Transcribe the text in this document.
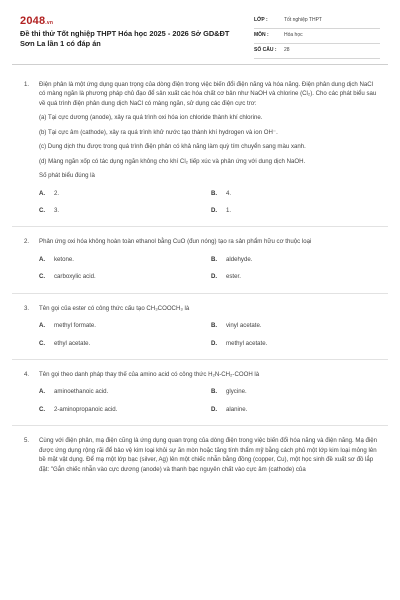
2048.vn
Đề thi thử Tốt nghiệp THPT Hóa học 2025 - 2026 Sở GD&ĐT Sơn La lần 1 có đáp án
LỚP :	Tốt nghiệp THPT
MÔN :	Hóa học
SỐ CÂU :	28
1.	Điện phân là một ứng dụng quan trọng của dòng điện trong việc biến đổi điện năng và hóa năng. Điện phân dung dịch NaCl có màng ngăn là phương pháp chủ đạo để sản xuất các hóa chất cơ bản như NaOH và chlorine (Cl₂). Cho các phát biểu sau về quá trình điện phân dung dịch NaCl có màng ngăn, sử dụng các điện cực trơ:

(a) Tại cực dương (anode), xảy ra quá trình oxi hóa ion chloride thành khí chlorine.

(b) Tại cực âm (cathode), xảy ra quá trình khử nước tạo thành khí hydrogen và ion OH⁻.

(c) Dung dịch thu được trong quá trình điện phân có khả năng làm quỳ tím chuyển sang màu xanh.

(d) Màng ngăn xốp có tác dụng ngăn không cho khí Cl₂ tiếp xúc và phản ứng với dung dịch NaOH.

Số phát biểu đúng là

A.	2.	B.	4.
C.	3.	D.	1.
2.	Phản ứng oxi hóa không hoàn toàn ethanol bằng CuO (đun nóng) tạo ra sản phẩm hữu cơ thuộc loại

A.	ketone.	B.	aldehyde.
C.	carboxylic acid.	D.	ester.
3.	Tên gọi của ester có công thức cấu tạo CH₃COOCH₃ là

A.	methyl formate.	B.	vinyl acetate.
C.	ethyl acetate.	D.	methyl acetate.
4.	Tên gọi theo danh pháp thay thế của amino acid có công thức H₂N-CH₂-COOH là

A.	aminoethanoic acid.	B.	glycine.
C.	2-aminopropanoic acid.	D.	alanine.
5.	Cùng với điện phân, mạ điện cũng là ứng dụng quan trọng của dòng điện trong việc biến đổi hóa năng và điện năng. Mạ điện được ứng dụng rộng rãi để bảo vệ kim loại khỏi sự ăn mòn hoặc tăng tính thẩm mỹ bằng cách phủ một lớp kim loại mỏng lên bề mặt vật dụng. Để mạ một lớp bạc (silver, Ag) lên một chiếc nhẫn bằng đồng (copper, Cu), một học sinh đề xuất sơ đồ lắp đặt: "Gắn chiếc nhẫn vào cực dương (anode) và thanh bạc nguyên chất vào cực âm (cathode) của
